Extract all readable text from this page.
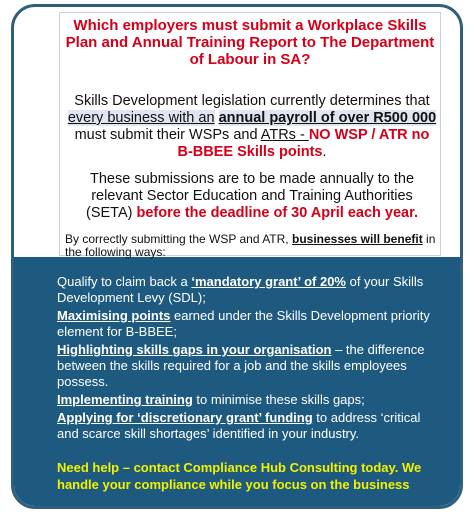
Which employers must submit a Workplace Skills Plan and Annual Training Report to The Department of Labour in SA?
Skills Development legislation currently determines that every business with an annual payroll of over R500 000 must submit their WSPs and ATRs - NO WSP / ATR no B-BBEE Skills points.
These submissions are to be made annually to the relevant Sector Education and Training Authorities (SETA) before the deadline of 30 April each year.
By correctly submitting the WSP and ATR, businesses will benefit in the following ways:
Qualify to claim back a ‘mandatory grant’ of 20% of your Skills Development Levy (SDL);
Maximising points earned under the Skills Development priority element for B-BBEE;
Highlighting skills gaps in your organisation – the difference between the skills required for a job and the skills employees possess.
Implementing training to minimise these skills gaps;
Applying for ‘discretionary grant’ funding to address ‘critical and scarce skill shortages’ identified in your industry.
Need help – contact Compliance Hub Consulting today. We handle your compliance while you focus on the business
